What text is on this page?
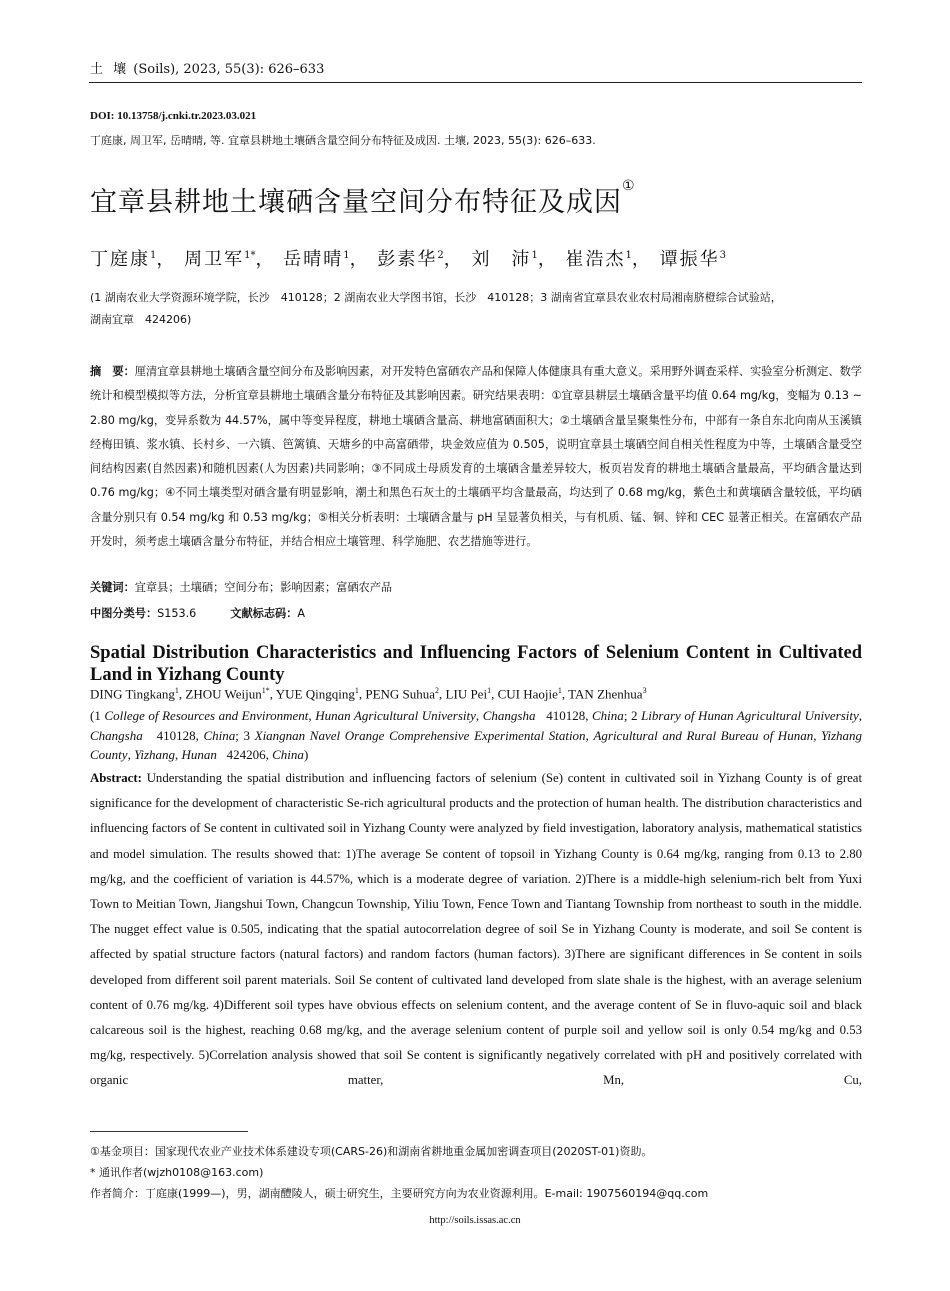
土 壤 (Soils), 2023, 55(3): 626–633
DOI: 10.13758/j.cnki.tr.2023.03.021
丁庭康, 周卫军, 岳晴晴, 等. 宜章县耕地土壤硒含量空间分布特征及成因. 土壤, 2023, 55(3): 626–633.
宜章县耕地土壤硒含量空间分布特征及成因①
丁庭康$^1$， 周卫军$^{1*}$， 岳晴晴$^1$， 彭素华$^2$， 刘　沛$^1$， 崔浩杰$^1$， 谭振华$^3$
(1 湖南农业大学资源环境学院，长沙　410128；2 湖南农业大学图书馆，长沙　410128；3 湖南省宜章县农业农村局湘南脐橙综合试验站，
湖南宜章　424206)
摘　要：厘清宜章县耕地土壤硒含量空间分布及影响因素，对开发特色富硒农产品和保障人体健康具有重大意义。采用野外调查采样、实验室分析测定、数学统计和模型模拟等方法，分析宜章县耕地土壤硒含量分布特征及其影响因素。研究结果表明：①宜章县耕层土壤硒含量平均值 0.64 mg/kg，变幅为 0.13 ~ 2.80 mg/kg，变异系数为 44.57%，属中等变异程度，耕地土壤硒含量高、耕地富硒面积大；②土壤硒含量呈聚集性分布，中部有一条自东北向南从玉溪镇经梅田镇、浆水镇、长村乡、一六镇、笆篱镇、天塘乡的中高富硒带，块金效应值为 0.505，说明宜章县土壤硒空间自相关性程度为中等，土壤硒含量受空间结构因素(自然因素)和随机因素(人为因素)共同影响；③不同成土母质发育的土壤硒含量差异较大，板页岩发育的耕地土壤硒含量最高，平均硒含量达到 0.76 mg/kg；④不同土壤类型对硒含量有明显影响，潮土和黑色石灰土的土壤硒平均含量最高，均达到了 0.68 mg/kg，紫色土和黄壤硒含量较低，平均硒含量分别只有 0.54 mg/kg 和 0.53 mg/kg；⑤相关分析表明：土壤硒含量与 pH 呈显著负相关，与有机质、锰、铜、锌和 CEC 显著正相关。在富硒农产品开发时，须考虑土壤硒含量分布特征，并结合相应土壤管理、科学施肥、农艺措施等进行。
关键词：宜章县；土壤硒；空间分布；影响因素；富硒农产品
中图分类号：S153.6	文献标志码：A
Spatial Distribution Characteristics and Influencing Factors of Selenium Content in Cultivated Land in Yizhang County
DING Tingkang$^1$, ZHOU Weijun$^{1*}$, YUE Qingqing$^1$, PENG Suhua$^2$, LIU Pei$^1$, CUI Haojie$^1$, TAN Zhenhua$^3$
(1 College of Resources and Environment, Hunan Agricultural University, Changsha 410128, China; 2 Library of Hunan Agricultural University, Changsha 410128, China; 3 Xiangnan Navel Orange Comprehensive Experimental Station, Agricultural and Rural Bureau of Hunan, Yizhang County, Yizhang, Hunan 424206, China)
Abstract: Understanding the spatial distribution and influencing factors of selenium (Se) content in cultivated soil in Yizhang County is of great significance for the development of characteristic Se-rich agricultural products and the protection of human health. The distribution characteristics and influencing factors of Se content in cultivated soil in Yizhang County were analyzed by field investigation, laboratory analysis, mathematical statistics and model simulation. The results showed that: 1)The average Se content of topsoil in Yizhang County is 0.64 mg/kg, ranging from 0.13 to 2.80 mg/kg, and the coefficient of variation is 44.57%, which is a moderate degree of variation. 2)There is a middle-high selenium-rich belt from Yuxi Town to Meitian Town, Jiangshui Town, Changcun Township, Yiliu Town, Fence Town and Tiantang Township from northeast to south in the middle. The nugget effect value is 0.505, indicating that the spatial autocorrelation degree of soil Se in Yizhang County is moderate, and soil Se content is affected by spatial structure factors (natural factors) and random factors (human factors). 3)There are significant differences in Se content in soils developed from different soil parent materials. Soil Se content of cultivated land developed from slate shale is the highest, with an average selenium content of 0.76 mg/kg. 4)Different soil types have obvious effects on selenium content, and the average content of Se in fluvo-aquic soil and black calcareous soil is the highest, reaching 0.68 mg/kg, and the average selenium content of purple soil and yellow soil is only 0.54 mg/kg and 0.53 mg/kg, respectively. 5)Correlation analysis showed that soil Se content is significantly negatively correlated with pH and positively correlated with organic matter, Mn, Cu,
①基金项目：国家现代农业产业技术体系建设专项(CARS-26)和湖南省耕地重金属加密调查项目(2020ST-01)资助。
* 通讯作者(wjzh0108@163.com)
作者简介：丁庭康(1999—)，男，湖南醴陵人，硕士研究生，主要研究方向为农业资源利用。E-mail: 1907560194@qq.com
http://soils.issas.ac.cn
